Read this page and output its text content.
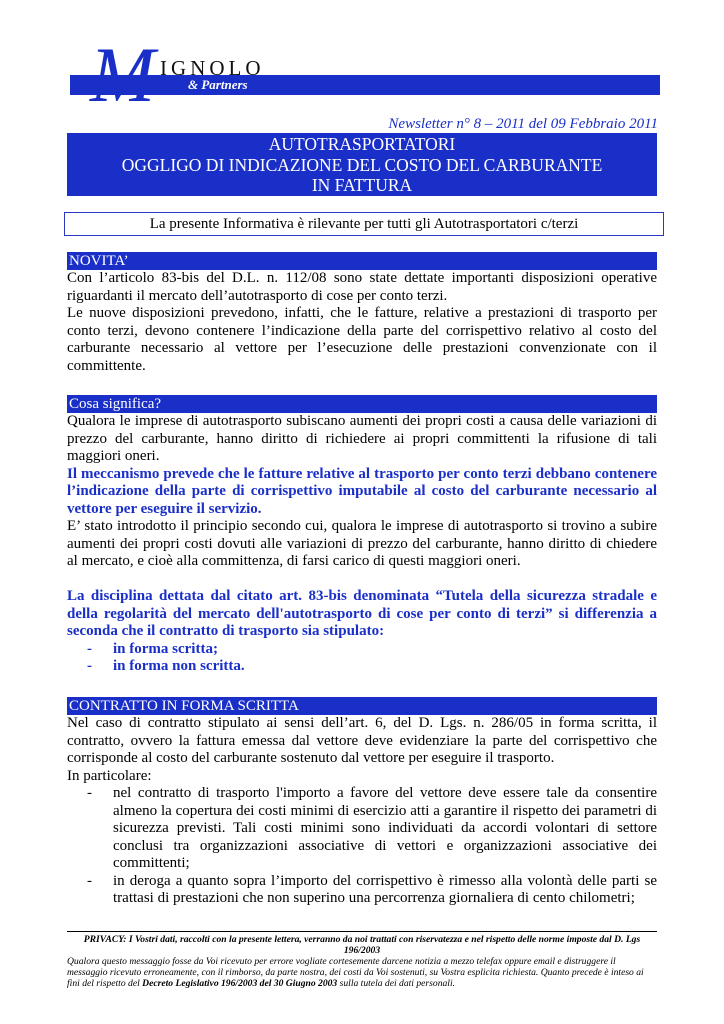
M IGNOLO
& Partners
Newsletter n° 8 – 2011 del 09 Febbraio 2011
AUTOTRASPORTATORI
OGGLIGO DI INDICAZIONE DEL COSTO DEL CARBURANTE
IN FATTURA
La presente Informativa è rilevante per tutti gli Autotrasportatori c/terzi
NOVITA’

Con l’articolo 83-bis del D.L. n. 112/08 sono state dettate importanti disposizioni operative riguardanti il mercato dell’autotrasporto di cose per conto terzi.

Le nuove disposizioni prevedono, infatti, che le fatture, relative a prestazioni di trasporto per conto terzi, devono contenere l’indicazione della parte del corrispettivo relativo al costo del carburante necessario al vettore per l’esecuzione delle prestazioni convenzionate con il committente.

Cosa significa?

Qualora le imprese di autotrasporto subiscano aumenti dei propri costi a causa delle variazioni di prezzo del carburante, hanno diritto di richiedere ai propri committenti la rifusione di tali maggiori oneri.

Il meccanismo prevede che le fatture relative al trasporto per conto terzi debbano contenere l’indicazione della parte di corrispettivo imputabile al costo del carburante necessario al vettore per eseguire il servizio.

E’ stato introdotto il principio secondo cui, qualora le imprese di autotrasporto si trovino a subire aumenti dei propri costi dovuti alle variazioni di prezzo del carburante, hanno diritto di chiedere al mercato, e cioè alla committenza, di farsi carico di questi maggiori oneri.

La disciplina dettata dal citato art. 83-bis denominata “Tutela della sicurezza stradale e della regolarità del mercato dell'autotrasporto di cose per conto di terzi” si differenzia a seconda che il contratto di trasporto sia stipulato:

- in forma scritta;
- in forma non scritta.
CONTRATTO IN FORMA SCRITTA

Nel caso di contratto stipulato ai sensi dell’art. 6, del D. Lgs. n. 286/05 in forma scritta, il contratto, ovvero la fattura emessa dal vettore deve evidenziare la parte del corrispettivo che corrisponde al costo del carburante sostenuto dal vettore per eseguire il trasporto.

In particolare:

- nel contratto di trasporto l'importo a favore del vettore deve essere tale da consentire almeno la copertura dei costi minimi di esercizio atti a garantire il rispetto dei parametri di sicurezza previsti. Tali costi minimi sono individuati da accordi volontari di settore conclusi tra organizzazioni associative di vettori e organizzazioni associative dei committenti;
- in deroga a quanto sopra l’importo del corrispettivo è rimesso alla volontà delle parti se trattasi di prestazioni che non superino una percorrenza giornaliera di cento chilometri;

PRIVACY: I Vostri dati, raccolti con la presente lettera, verranno da noi trattati con riservatezza e nel rispetto delle norme imposte dal D. Lgs 196/2003

Qualora questo messaggio fosse da Voi ricevuto per errore vogliate cortesemente darcene notizia a mezzo telefax oppure email e distruggere il messaggio ricevuto erroneamente, con il rimborso, da parte nostra, dei costi da Voi sostenuti, su Vostra esplicita richiesta. Quanto precede è inteso ai fini del rispetto del Decreto Legislativo 196/2003 del 30 Giugno 2003 sulla tutela dei dati personali.
